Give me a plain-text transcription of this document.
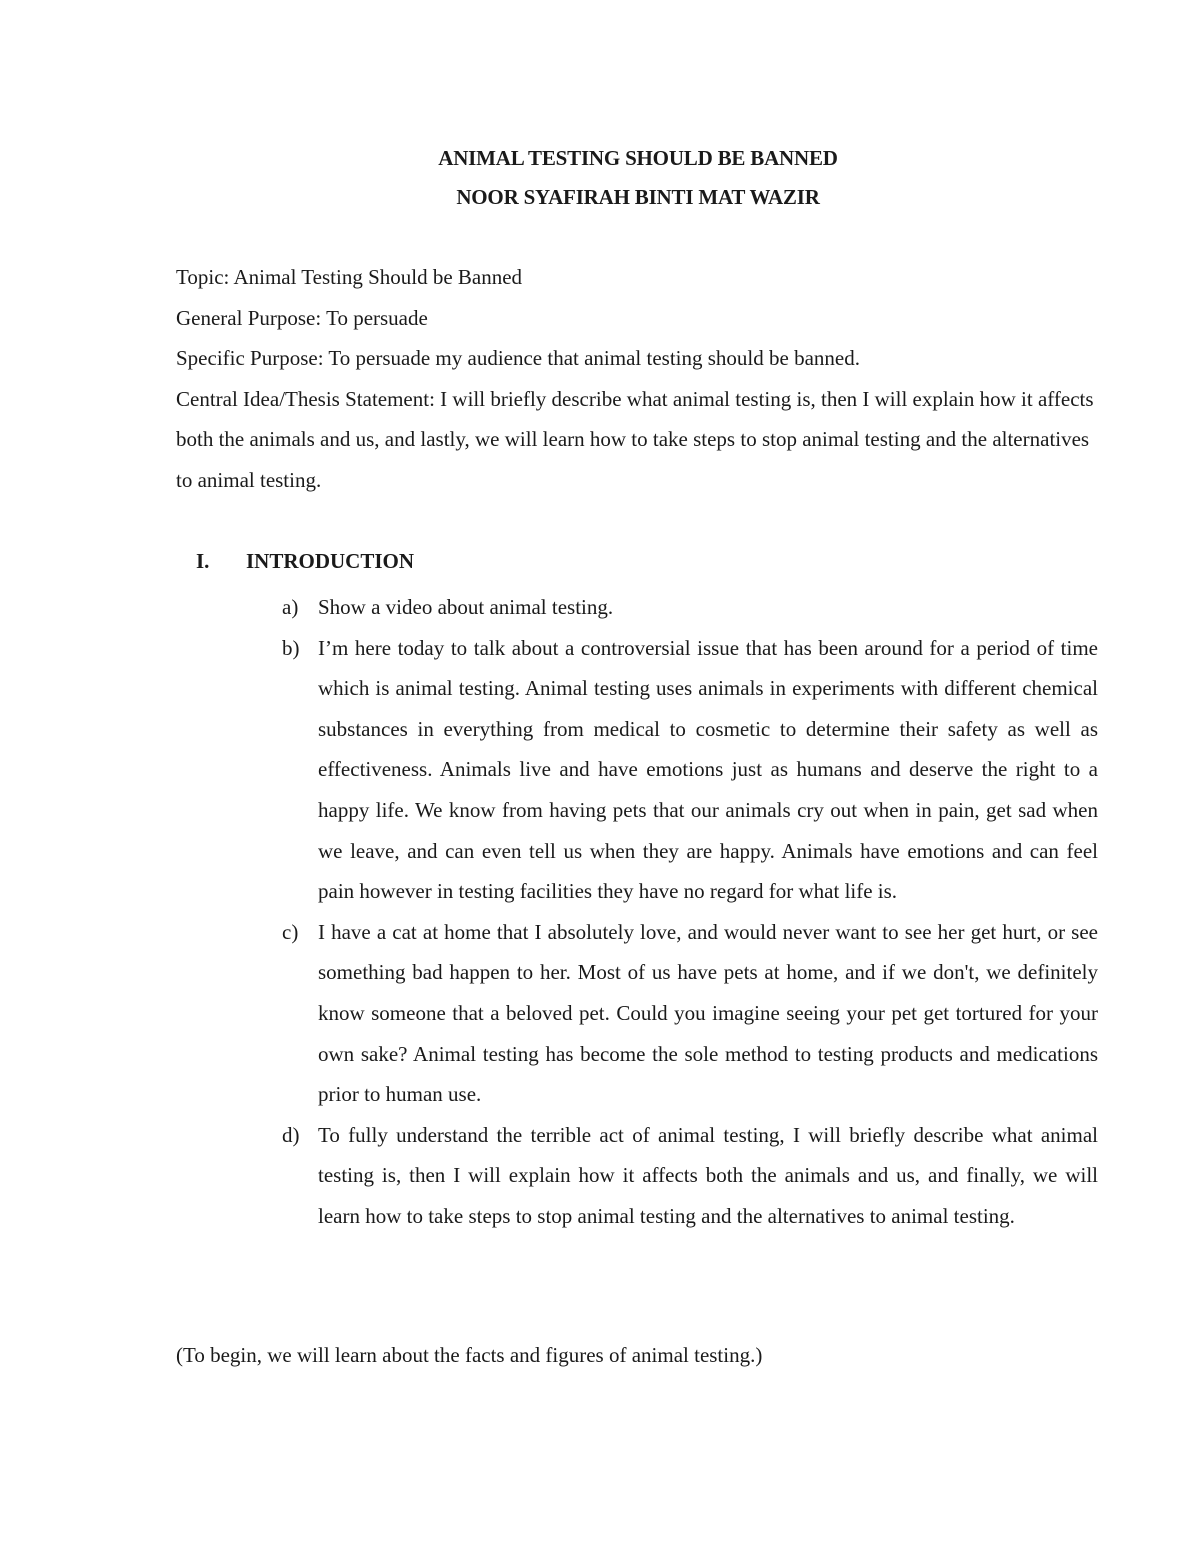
ANIMAL TESTING SHOULD BE BANNED
NOOR SYAFIRAH BINTI MAT WAZIR

Topic: Animal Testing Should be Banned

General Purpose: To persuade

Specific Purpose: To persuade my audience that animal testing should be banned.

Central Idea/Thesis Statement: I will briefly describe what animal testing is, then I will explain how it affects both the animals and us, and lastly, we will learn how to take steps to stop animal testing and the alternatives to animal testing.

I. INTRODUCTION
a) Show a video about animal testing.
b) I’m here today to talk about a controversial issue that has been around for a period of time which is animal testing. Animal testing uses animals in experiments with different chemical substances in everything from medical to cosmetic to determine their safety as well as effectiveness. Animals live and have emotions just as humans and deserve the right to a happy life. We know from having pets that our animals cry out when in pain, get sad when we leave, and can even tell us when they are happy. Animals have emotions and can feel pain however in testing facilities they have no regard for what life is.
c) I have a cat at home that I absolutely love, and would never want to see her get hurt, or see something bad happen to her. Most of us have pets at home, and if we don't, we definitely know someone that a beloved pet. Could you imagine seeing your pet get tortured for your own sake? Animal testing has become the sole method to testing products and medications prior to human use.
d) To fully understand the terrible act of animal testing, I will briefly describe what animal testing is, then I will explain how it affects both the animals and us, and finally, we will learn how to take steps to stop animal testing and the alternatives to animal testing.
(To begin, we will learn about the facts and figures of animal testing.)
